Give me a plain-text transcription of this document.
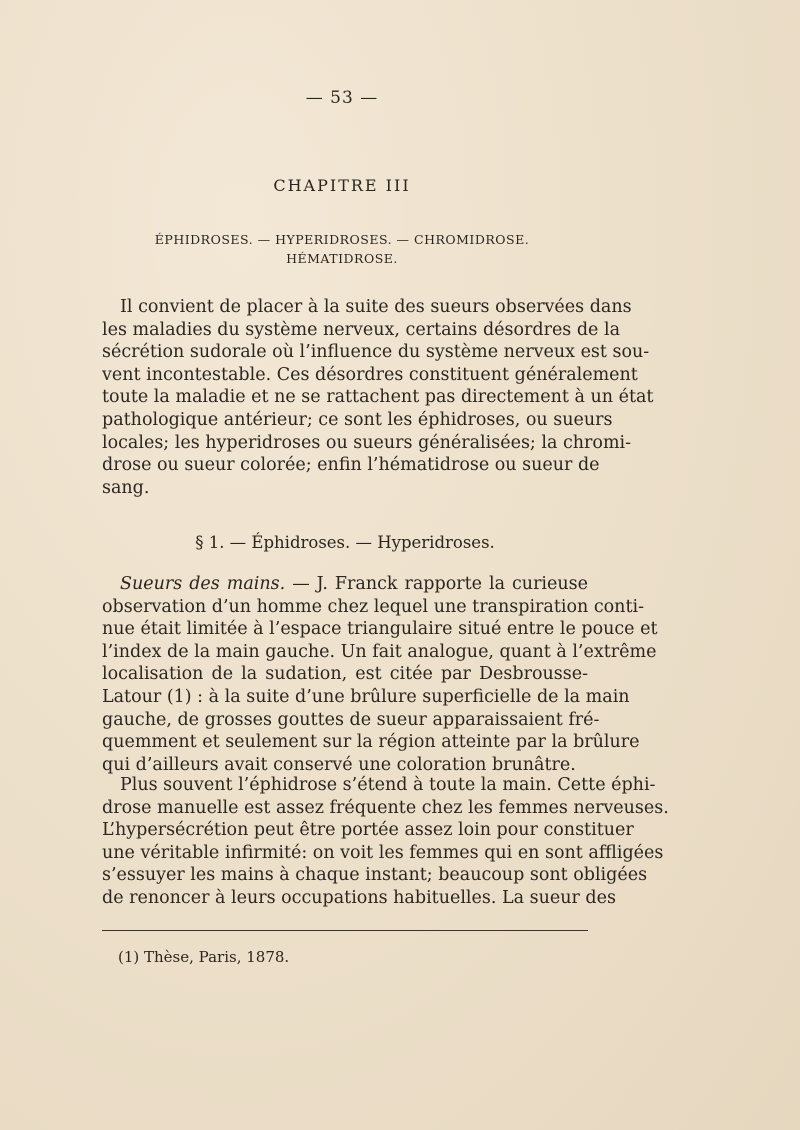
— 53 —
CHAPITRE III
ÉPHIDROSES. — HYPERIDROSES. — CHROMIDROSE.
HÉMATIDROSE.
Il convient de placer à la suite des sueurs observées dans
les maladies du système nerveux, certains désordres de la
sécrétion sudorale où l’influence du système nerveux est sou-
vent incontestable. Ces désordres constituent généralement
toute la maladie et ne se rattachent pas directement à un état
pathologique antérieur; ce sont les éphidroses, ou sueurs
locales; les hyperidroses ou sueurs généralisées; la chromi-
drose ou sueur colorée; enfin l’hématidrose ou sueur de
sang.
§ 1. — Éphidroses. — Hyperidroses.
Sueurs des mains. — J. Franck rapporte la curieuse
observation d’un homme chez lequel une transpiration conti-
nue était limitée à l’espace triangulaire situé entre le pouce et
l’index de la main gauche. Un fait analogue, quant à l’extrême
localisation de la sudation, est citée par Desbrousse-
Latour (1) : à la suite d’une brûlure superficielle de la main
gauche, de grosses gouttes de sueur apparaissaient fré-
quemment et seulement sur la région atteinte par la brûlure
qui d’ailleurs avait conservé une coloration brunâtre.
Plus souvent l’éphidrose s’étend à toute la main. Cette éphi-
drose manuelle est assez fréquente chez les femmes nerveuses.
L’hypersécrétion peut être portée assez loin pour constituer
une véritable infirmité: on voit les femmes qui en sont affligées
s’essuyer les mains à chaque instant; beaucoup sont obligées
de renoncer à leurs occupations habituelles. La sueur des
(1) Thèse, Paris, 1878.
